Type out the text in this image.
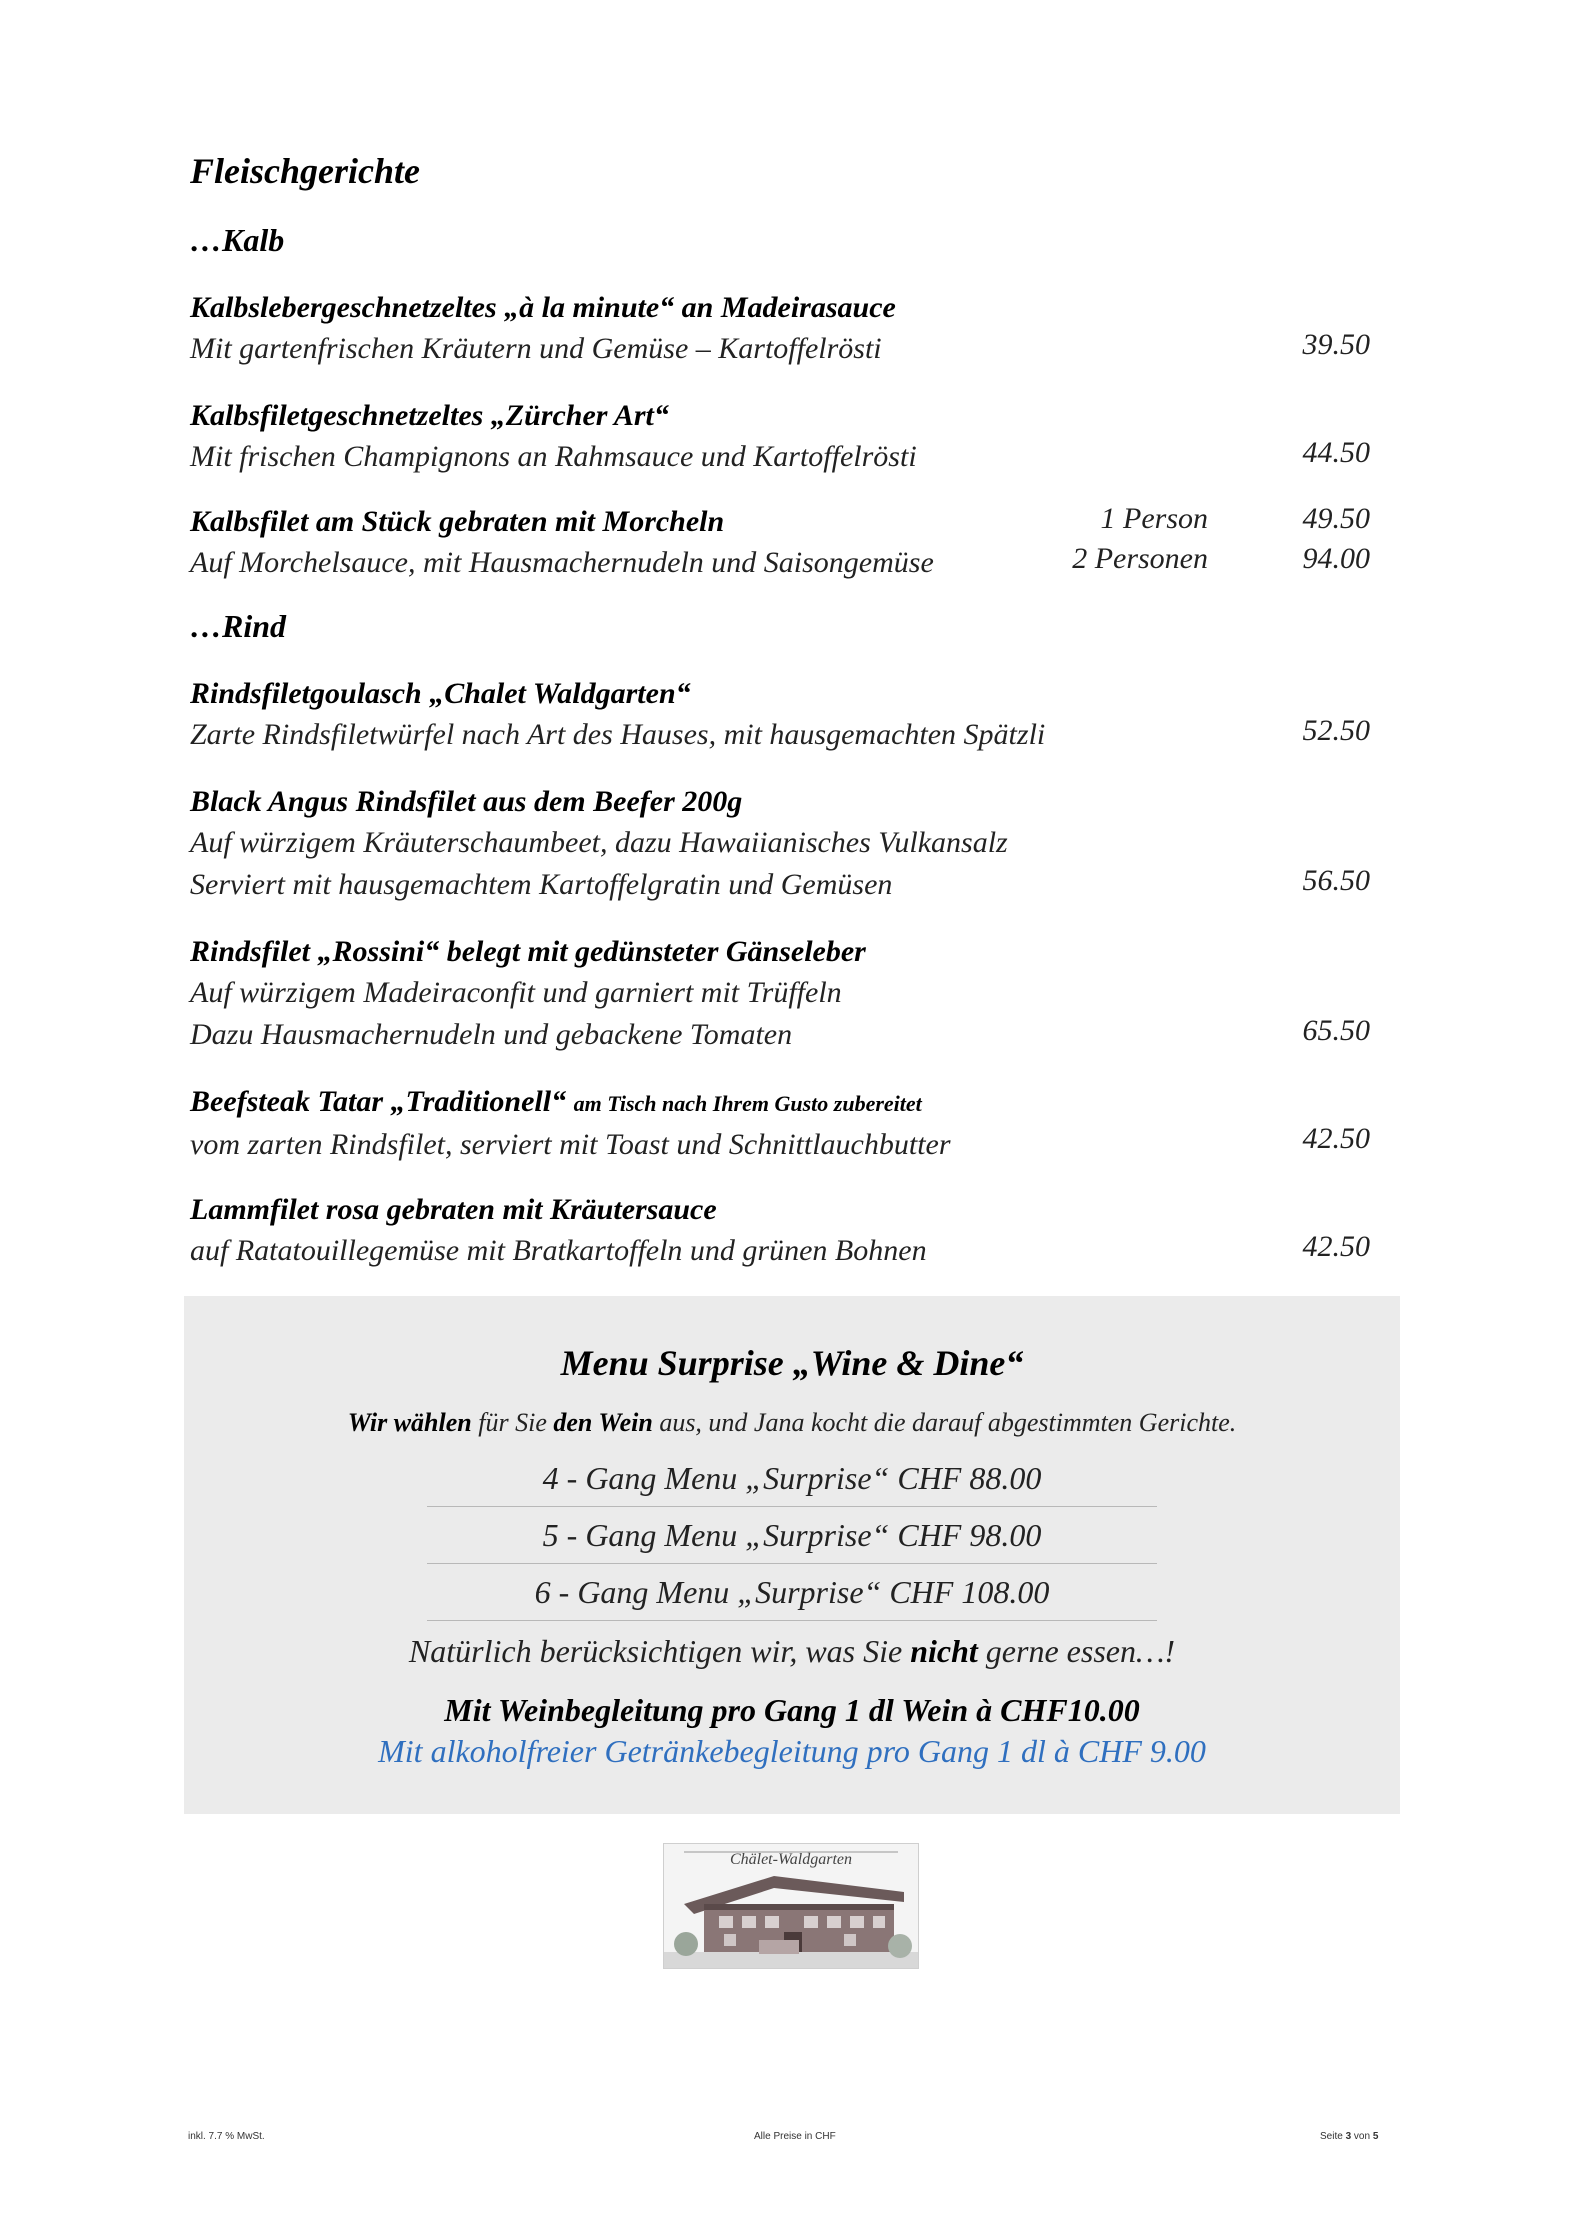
Fleischgerichte
…Kalb
Kalbslebergeschnetzeltes „à la minute“ an Madeirasauce
Mit gartenfrischen Kräutern und Gemüse – Kartoffelrösti	39.50
Kalbsfiletgeschnetzeltes „Zürcher Art“
Mit frischen Champignons an Rahmsauce und Kartoffelrösti	44.50
Kalbsfilet am Stück gebraten mit Morcheln
Auf Morchelsauce, mit Hausmachernudeln und Saisongemüse
1 Person	49.50
2 Personen	94.00
…Rind
Rindsfiletgoulasch „Chalet Waldgarten“
Zarte Rindsfiletwürfel nach Art des Hauses, mit hausgemachten Spätzli	52.50
Black Angus Rindsfilet aus dem Beefer 200g
Auf würzigem Kräuterschaumbeet, dazu Hawaiianisches Vulkansalz
Serviert mit hausgemachtem Kartoffelgratin und Gemüsen	56.50
Rindsfilet „Rossini“ belegt mit gedünsteter Gänseleber
Auf würzigem Madeiraconfit und garniert mit Trüffeln
Dazu Hausmachernudeln und gebackene Tomaten	65.50
Beefsteak Tatar „Traditionell“ am Tisch nach Ihrem Gusto zubereitet
vom zarten Rindsfilet, serviert mit Toast und Schnittlauchbutter	42.50
Lammfilet rosa gebraten mit Kräutersauce
auf Ratatouillegemüse mit Bratkartoffeln und grünen Bohnen	42.50
Menu Surprise „Wine & Dine“
Wir wählen für Sie den Wein aus, und Jana kocht die darauf abgestimmten Gerichte.
4 - Gang Menu „Surprise“ CHF 88.00
5 - Gang Menu „Surprise“ CHF 98.00
6 - Gang Menu „Surprise“ CHF 108.00
Natürlich berücksichtigen wir, was Sie nicht gerne essen…!
Mit Weinbegleitung pro Gang 1 dl Wein à CHF10.00
Mit alkoholfreier Getränkebegleitung pro Gang 1 dl à CHF 9.00
Chälet-Waldgarten
inkl. 7.7 % MwSt.	Alle Preise in CHF	Seite 3 von 5
